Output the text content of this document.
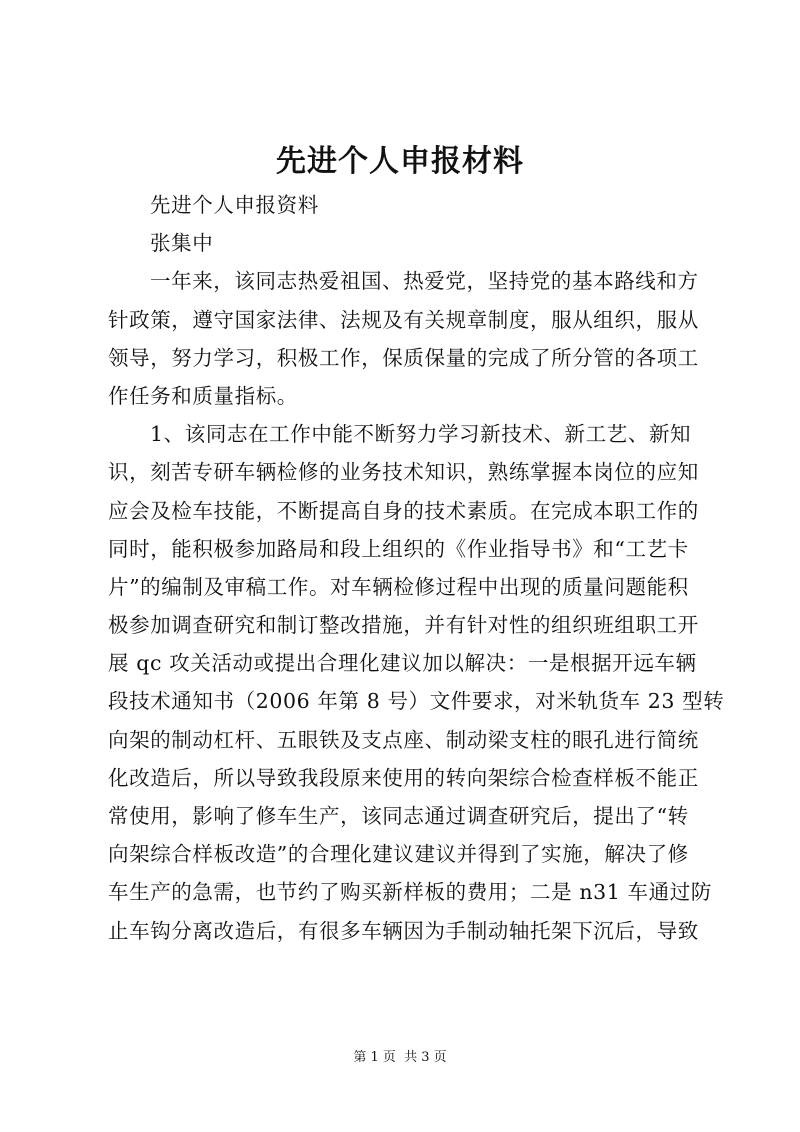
先进个人申报材料
先进个人申报资料
张集中
一年来，该同志热爱祖国、热爱党，坚持党的基本路线和方
针政策，遵守国家法律、法规及有关规章制度，服从组织，服从
领导，努力学习，积极工作，保质保量的完成了所分管的各项工
作任务和质量指标。
1、该同志在工作中能不断努力学习新技术、新工艺、新知
识，刻苦专研车辆检修的业务技术知识，熟练掌握本岗位的应知
应会及检车技能，不断提高自身的技术素质。在完成本职工作的
同时，能积极参加路局和段上组织的《作业指导书》和“工艺卡
片”的编制及审稿工作。对车辆检修过程中出现的质量问题能积
极参加调查研究和制订整改措施，并有针对性的组织班组职工开
展 qc 攻关活动或提出合理化建议加以解决：一是根据开远车辆
段技术通知书（2006 年第 8 号）文件要求，对米轨货车 23 型转
向架的制动杠杆、五眼铁及支点座、制动梁支柱的眼孔进行简统
化改造后，所以导致我段原来使用的转向架综合检查样板不能正
常使用，影响了修车生产，该同志通过调查研究后，提出了“转
向架综合样板改造”的合理化建议建议并得到了实施，解决了修
车生产的急需，也节约了购买新样板的费用；二是 n31 车通过防
止车钩分离改造后，有很多车辆因为手制动轴托架下沉后，导致
第 1 页 共 3 页
